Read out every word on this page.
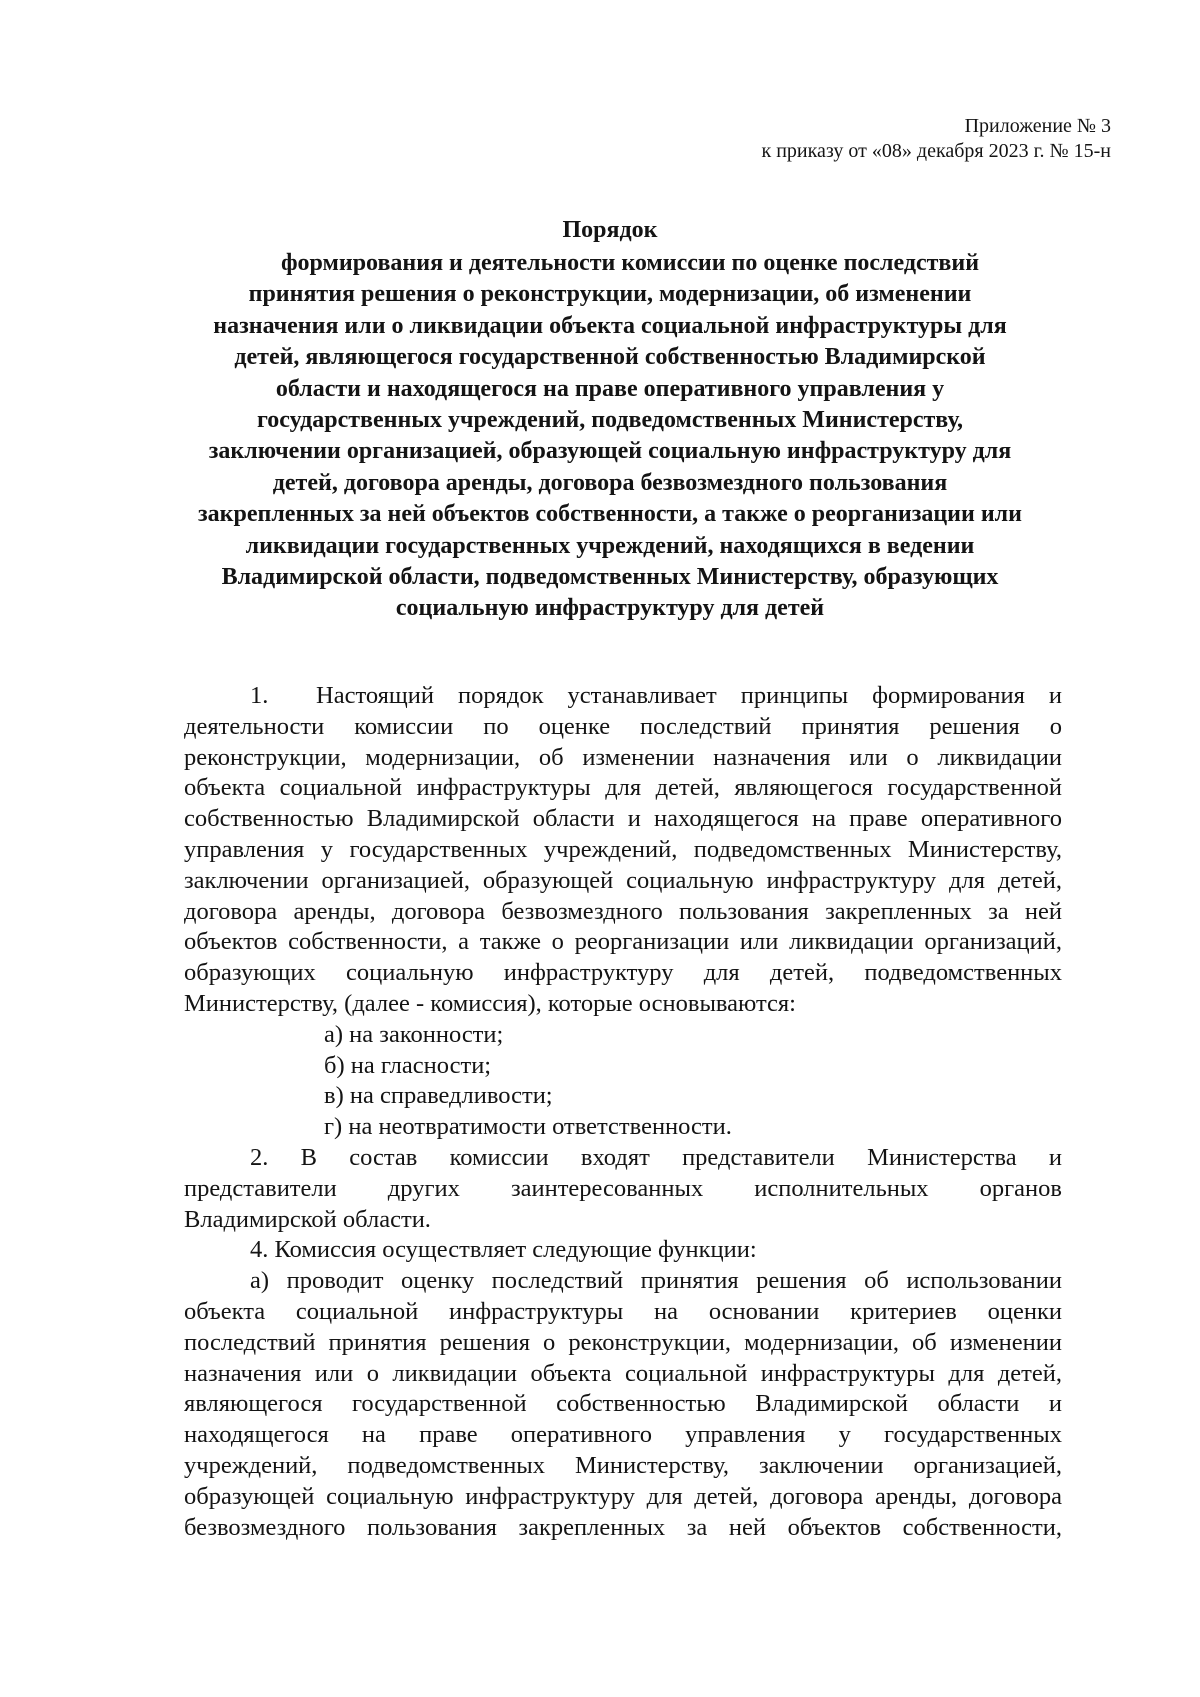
Приложение № 3
к приказу от «08» декабря 2023 г. № 15-н
Порядок
формирования и деятельности комиссии по оценке последствий
принятия решения о реконструкции, модернизации, об изменении
назначения или о ликвидации объекта социальной инфраструктуры для
детей, являющегося государственной собственностью Владимирской
области и находящегося на праве оперативного управления у
государственных учреждений, подведомственных Министерству,
заключении организацией, образующей социальную инфраструктуру для
детей, договора аренды, договора безвозмездного пользования
закрепленных за ней объектов собственности, а также о реорганизации или
ликвидации государственных учреждений, находящихся в ведении
Владимирской области, подведомственных Министерству, образующих
социальную инфраструктуру для детей
1. Настоящий порядок устанавливает принципы формирования и
деятельности комиссии по оценке последствий принятия решения о
реконструкции, модернизации, об изменении назначения или о ликвидации
объекта социальной инфраструктуры для детей, являющегося государственной
собственностью Владимирской области и находящегося на праве оперативного
управления у государственных учреждений, подведомственных Министерству,
заключении организацией, образующей социальную инфраструктуру для детей,
договора аренды, договора безвозмездного пользования закрепленных за ней
объектов собственности, а также о реорганизации или ликвидации организаций,
образующих социальную инфраструктуру для детей, подведомственных
Министерству, (далее - комиссия), которые основываются:
а) на законности;
б) на гласности;
в) на справедливости;
г) на неотвратимости ответственности.
2. В состав комиссии входят представители Министерства и
представители других заинтересованных исполнительных органов
Владимирской области.
4. Комиссия осуществляет следующие функции:
а) проводит оценку последствий принятия решения об использовании
объекта социальной инфраструктуры на основании критериев оценки
последствий принятия решения о реконструкции, модернизации, об изменении
назначения или о ликвидации объекта социальной инфраструктуры для детей,
являющегося государственной собственностью Владимирской области и
находящегося на праве оперативного управления у государственных
учреждений, подведомственных Министерству, заключении организацией,
образующей социальную инфраструктуру для детей, договора аренды, договора
безвозмездного пользования закрепленных за ней объектов собственности,
